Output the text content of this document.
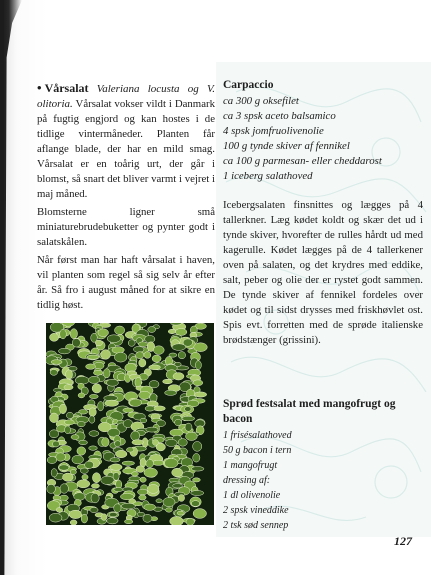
• Vårsalat Valeriana locusta og V. olitoria. Vårsalat vokser vildt i Danmark på fugtig engjord og kan hostes i de tidlige vintermåneder. Planten får aflange blade, der har en mild smag. Vårsalat er en toårig urt, der går i blomst, så snart det bliver varmt i vejret i maj måned.

Blomsterne ligner små miniaturebrudebuketter og pynter godt i salatskålen.

Når først man har haft vårsalat i haven, vil planten som regel så sig selv år efter år. Så fro i august måned for at sikre en tidlig høst.

Carpaccio
ca 300 g oksefilet
ca 3 spsk aceto balsamico
4 spsk jomfruolivenolie
100 g tynde skiver af fennikel
ca 100 g parmesan- eller cheddarost
1 iceberg salathoved

Icebergsalaten finsnittes og lægges på 4 tallerkner. Læg kødet koldt og skær det ud i tynde skiver, hvorefter de rulles hårdt ud med kagerulle. Kødet lægges på de 4 tallerkener oven på salaten, og det krydres med eddike, salt, peber og olie der er rystet godt sammen. De tynde skiver af fennikel fordeles over kødet og til sidst drysses med friskhøvlet ost. Spis evt. forretten med de sprøde italienske brødstænger (grissini).

Sprød festsalat med mangofrugt og bacon
1 frisésalathoved
50 g bacon i tern
1 mangofrugt
dressing af:
1 dl olivenolie
2 spsk vineddike
2 tsk sød sennep
127
